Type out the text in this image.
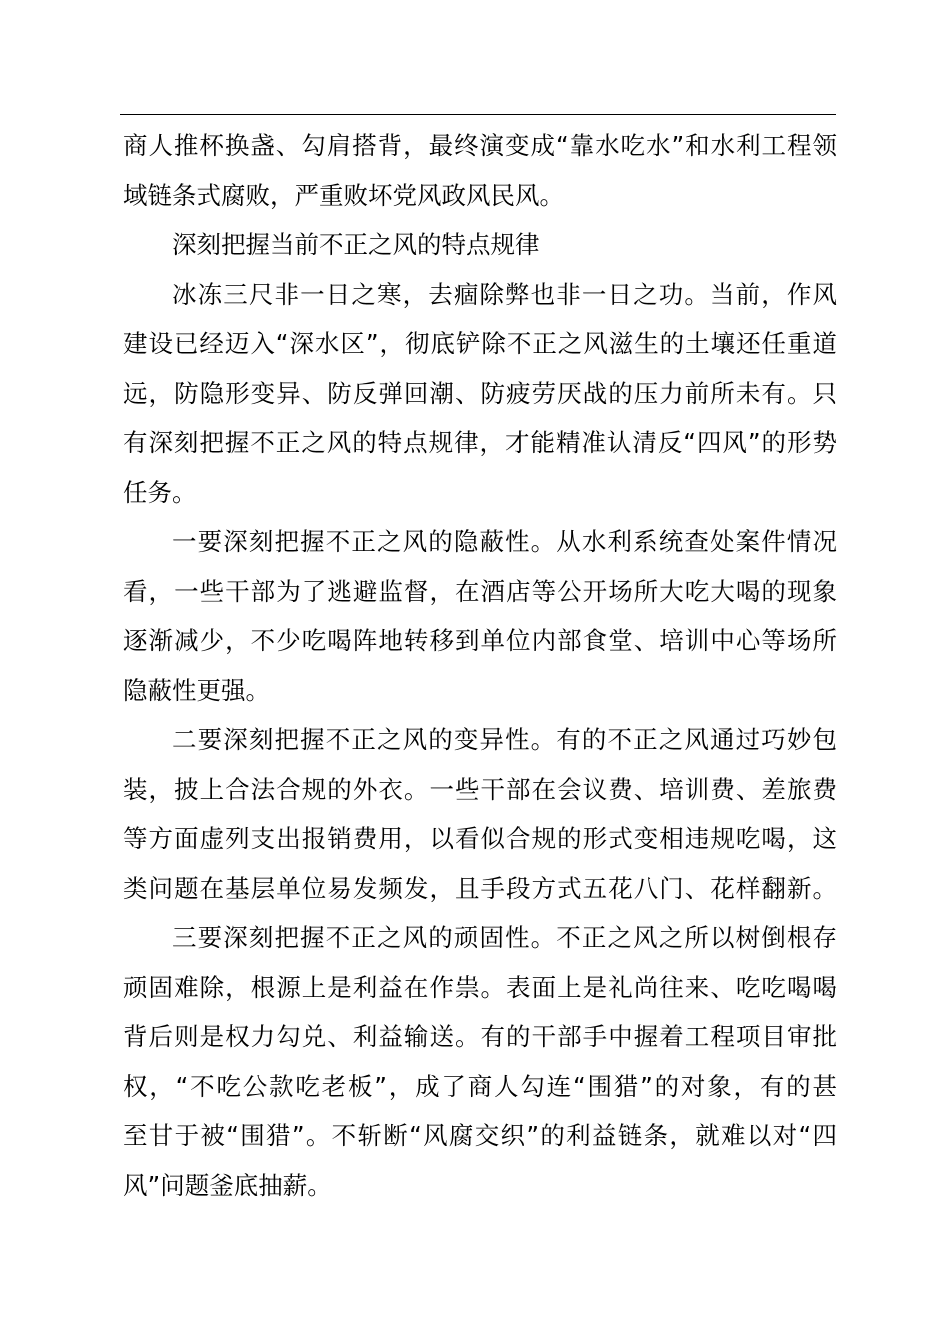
商人推杯换盏、勾肩搭背，最终演变成“靠水吃水”和水利工程领
域链条式腐败，严重败坏党风政风民风。
深刻把握当前不正之风的特点规律
冰冻三尺非一日之寒，去痼除弊也非一日之功。当前，作风
建设已经迈入“深水区”，彻底铲除不正之风滋生的土壤还任重道
远，防隐形变异、防反弹回潮、防疲劳厌战的压力前所未有。只
有深刻把握不正之风的特点规律，才能精准认清反“四风”的形势
任务。
一要深刻把握不正之风的隐蔽性。从水利系统查处案件情况
看，一些干部为了逃避监督，在酒店等公开场所大吃大喝的现象
逐渐减少，不少吃喝阵地转移到单位内部食堂、培训中心等场所
隐蔽性更强。
二要深刻把握不正之风的变异性。有的不正之风通过巧妙包
装，披上合法合规的外衣。一些干部在会议费、培训费、差旅费
等方面虚列支出报销费用，以看似合规的形式变相违规吃喝，这
类问题在基层单位易发频发，且手段方式五花八门、花样翻新。
三要深刻把握不正之风的顽固性。不正之风之所以树倒根存
顽固难除，根源上是利益在作祟。表面上是礼尚往来、吃吃喝喝
背后则是权力勾兑、利益输送。有的干部手中握着工程项目审批
权，“不吃公款吃老板”，成了商人勾连“围猎”的对象，有的甚
至甘于被“围猎”。不斩断“风腐交织”的利益链条，就难以对“四
风”问题釜底抽薪。
